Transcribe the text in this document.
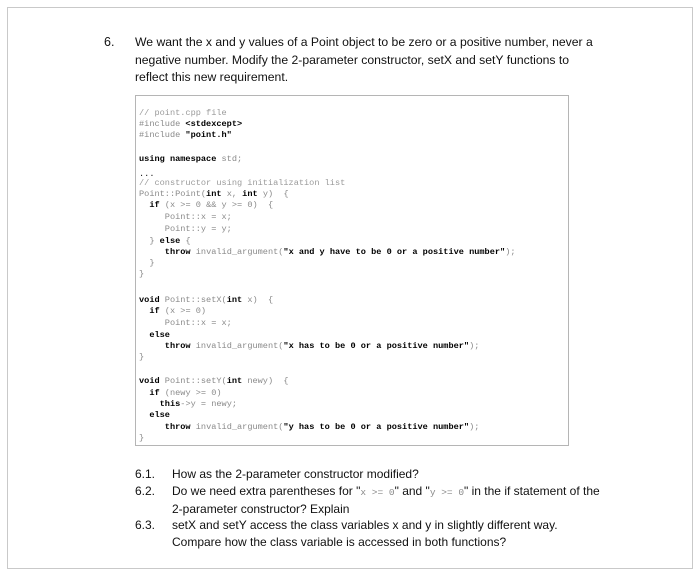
6. We want the x and y values of a Point object to be zero or a positive number, never a negative number. Modify the 2-parameter constructor, setX and setY functions to reflect this new requirement.
// point.cpp file
#include <stdexcept>
#include "point.h"
using namespace std;
...
// constructor using initialization list
Point::Point(int x, int y)  {
if (x >= 0 && y >= 0)  {
Point::x = x;
Point::y = y;
} else {
throw invalid_argument("x and y have to be 0 or a positive number");
}
}
void Point::setX(int x)  {
if (x >= 0)
Point::x = x;
else
throw invalid_argument("x has to be 0 or a positive number");
}
void Point::setY(int newy)  {
if (newy >= 0)
this->y = newy;
else
throw invalid_argument("y has to be 0 or a positive number");
}
6.1. How as the 2-parameter constructor modified?
6.2. Do we need extra parentheses for "x >= 0" and "y >= 0" in the if statement of the 2-parameter constructor? Explain
6.3. setX and setY access the class variables x and y in slightly different way. Compare how the class variable is accessed in both functions?
